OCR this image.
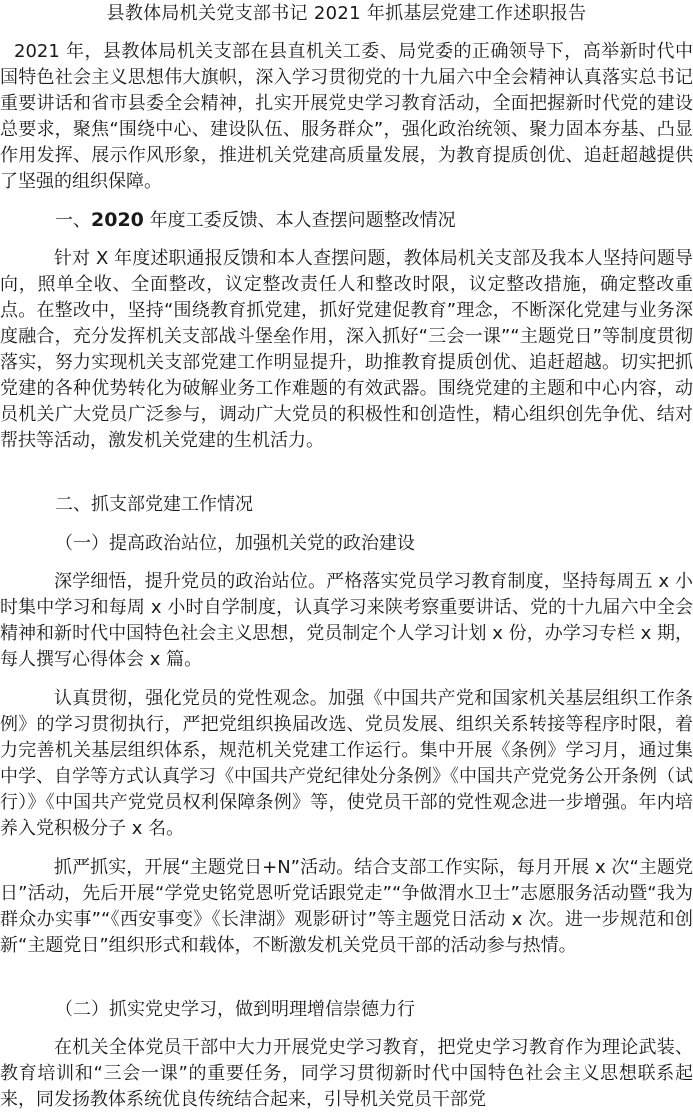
县教体局机关党支部书记 2021 年抓基层党建工作述职报告

2021 年，县教体局机关支部在县直机关工委、局党委的正确领导下，高举新时代中国特色社会主义思想伟大旗帜，深入学习贯彻党的十九届六中全会精神认真落实总书记重要讲话和省市县委全会精神，扎实开展党史学习教育活动，全面把握新时代党的建设总要求，聚焦“围绕中心、建设队伍、服务群众”，强化政治统领、聚力固本夯基、凸显作用发挥、展示作风形象，推进机关党建高质量发展，为教育提质创优、追赶超越提供了坚强的组织保障。

一、2020 年度工委反馈、本人查摆问题整改情况

针对 X 年度述职通报反馈和本人查摆问题，教体局机关支部及我本人坚持问题导向，照单全收、全面整改，议定整改责任人和整改时限，议定整改措施，确定整改重点。在整改中，坚持“围绕教育抓党建，抓好党建促教育”理念，不断深化党建与业务深度融合，充分发挥机关支部战斗堡垒作用，深入抓好“三会一课”“主题党日”等制度贯彻落实，努力实现机关支部党建工作明显提升，助推教育提质创优、追赶超越。切实把抓党建的各种优势转化为破解业务工作难题的有效武器。围绕党建的主题和中心内容，动员机关广大党员广泛参与，调动广大党员的积极性和创造性，精心组织创先争优、结对帮扶等活动，激发机关党建的生机活力。

二、抓支部党建工作情况
（一）提高政治站位，加强机关党的政治建设

深学细悟，提升党员的政治站位。严格落实党员学习教育制度，坚持每周五 x 小时集中学习和每周 x 小时自学制度，认真学习来陕考察重要讲话、党的十九届六中全会精神和新时代中国特色社会主义思想，党员制定个人学习计划 x 份，办学习专栏 x 期，每人撰写心得体会 x 篇。

认真贯彻，强化党员的党性观念。加强《中国共产党和国家机关基层组织工作条例》的学习贯彻执行，严把党组织换届改选、党员发展、组织关系转接等程序时限，着力完善机关基层组织体系，规范机关党建工作运行。集中开展《条例》学习月，通过集中学、自学等方式认真学习《中国共产党纪律处分条例》《中国共产党党务公开条例（试行）》《中国共产党党员权利保障条例》等，使党员干部的党性观念进一步增强。年内培养入党积极分子 x 名。

抓严抓实，开展“主题党日+N”活动。结合支部工作实际，每月开展 x 次“主题党日”活动，先后开展“学党史铭党恩听党话跟党走”“争做渭水卫士”志愿服务活动暨“我为群众办实事”“《西安事变》《长津湖》观影研讨”等主题党日活动 x 次。进一步规范和创新“主题党日”组织形式和载体，不断激发机关党员干部的活动参与热情。

（二）抓实党史学习，做到明理增信崇德力行

在机关全体党员干部中大力开展党史学习教育，把党史学习教育作为理论武装、教育培训和“三会一课”的重要任务，同学习贯彻新时代中国特色社会主义思想联系起来，同发扬教体系统优良传统结合起来，引导机关党员干部党
